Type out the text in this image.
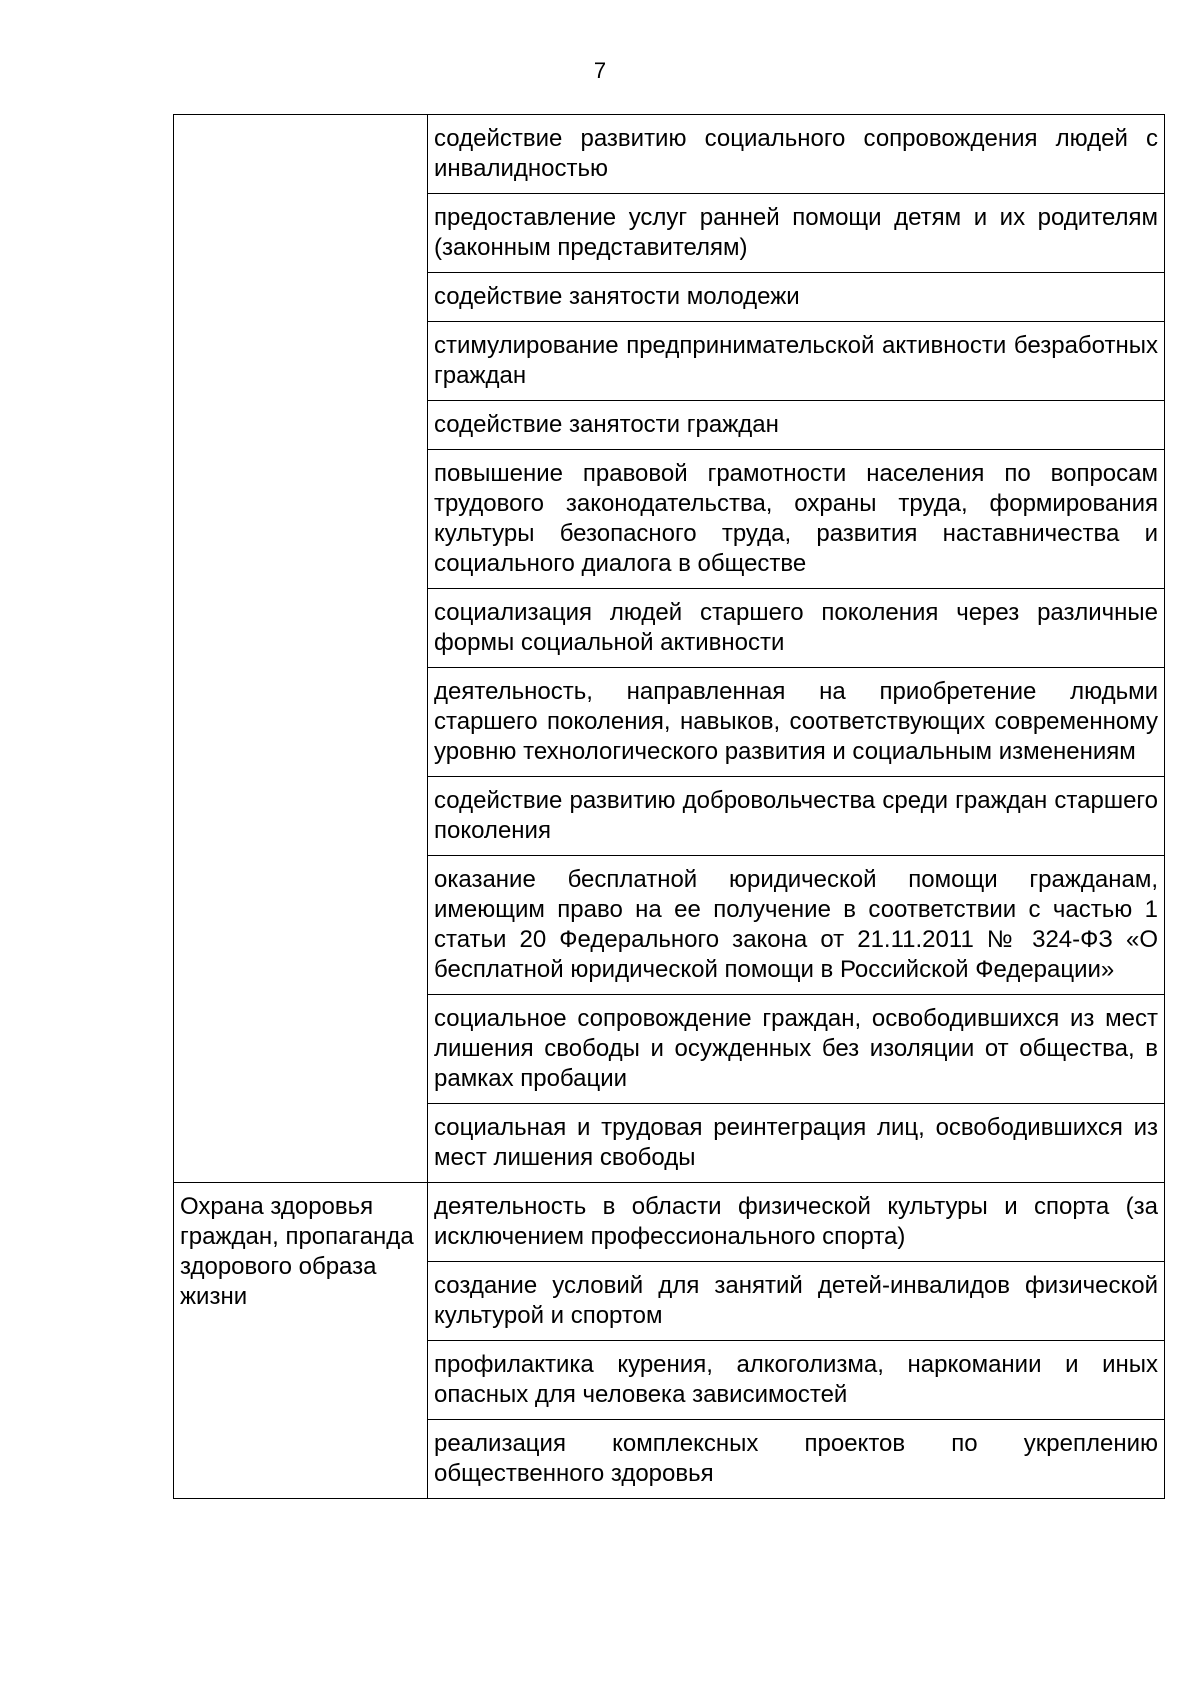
7
	содействие развитию социального сопровождения людей с инвалидностью
	предоставление услуг ранней помощи детям и их родителям (законным представителям)
	содействие занятости молодежи
	стимулирование предпринимательской активности безработных граждан
	содействие занятости граждан
	повышение правовой грамотности населения по вопросам трудового законодательства, охраны труда, формирования культуры безопасного труда, развития наставничества и социального диалога в обществе
	социализация людей старшего поколения через различные формы социальной активности
	деятельность, направленная на приобретение людьми старшего поколения, навыков, соответствующих современному уровню технологического развития и социальным изменениям
	содействие развитию добровольчества среди граждан старшего поколения
	оказание бесплатной юридической помощи гражданам, имеющим право на ее получение в соответствии с частью 1 статьи 20 Федерального закона от 21.11.2011 № 324-ФЗ «О бесплатной юридической помощи в Российской Федерации»
	социальное сопровождение граждан, освободившихся из мест лишения свободы и осужденных без изоляции от общества, в рамках пробации
	социальная и трудовая реинтеграция лиц, освободившихся из мест лишения свободы
Охрана здоровья граждан, пропаганда здорового образа жизни	деятельность в области физической культуры и спорта (за исключением профессионального спорта)
	создание условий для занятий детей-инвалидов физической культурой и спортом
	профилактика курения, алкоголизма, наркомании и иных опасных для человека зависимостей
	реализация комплексных проектов по укреплению общественного здоровья
